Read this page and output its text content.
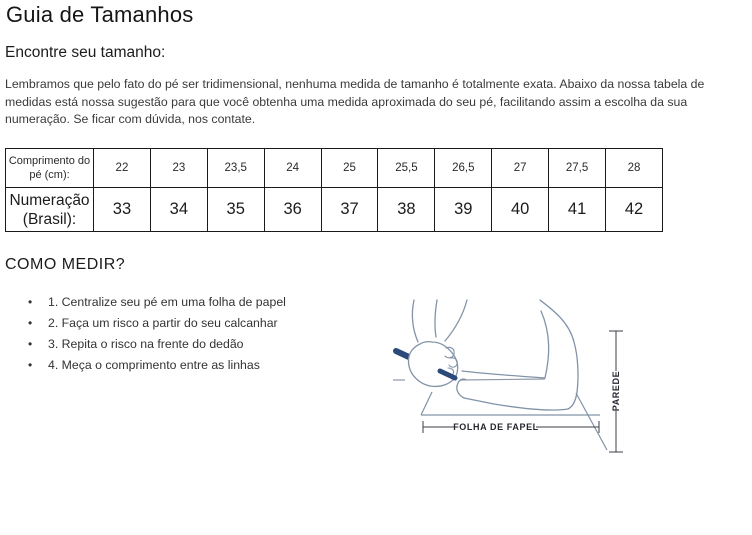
Guia de Tamanhos
Encontre seu tamanho:
Lembramos que pelo fato do pé ser tridimensional, nenhuma medida de tamanho é totalmente exata. Abaixo da nossa tabela de medidas está nossa sugestão para que você obtenha uma medida aproximada do seu pé, facilitando assim a escolha da sua numeração. Se ficar com dúvida, nos contate.
Comprimento do pé (cm):	22	23	23,5	24	25	25,5	26,5	27	27,5	28
Numeração (Brasil):	33	34	35	36	37	38	39	40	41	42
COMO MEDIR?
• 1. Centralize seu pé em uma folha de papel
• 2. Faça um risco a partir do seu calcanhar
• 3. Repita o risco na frente do dedão
• 4. Meça o comprimento entre as linhas
FOLHA DE FAPEL
PAREDE
